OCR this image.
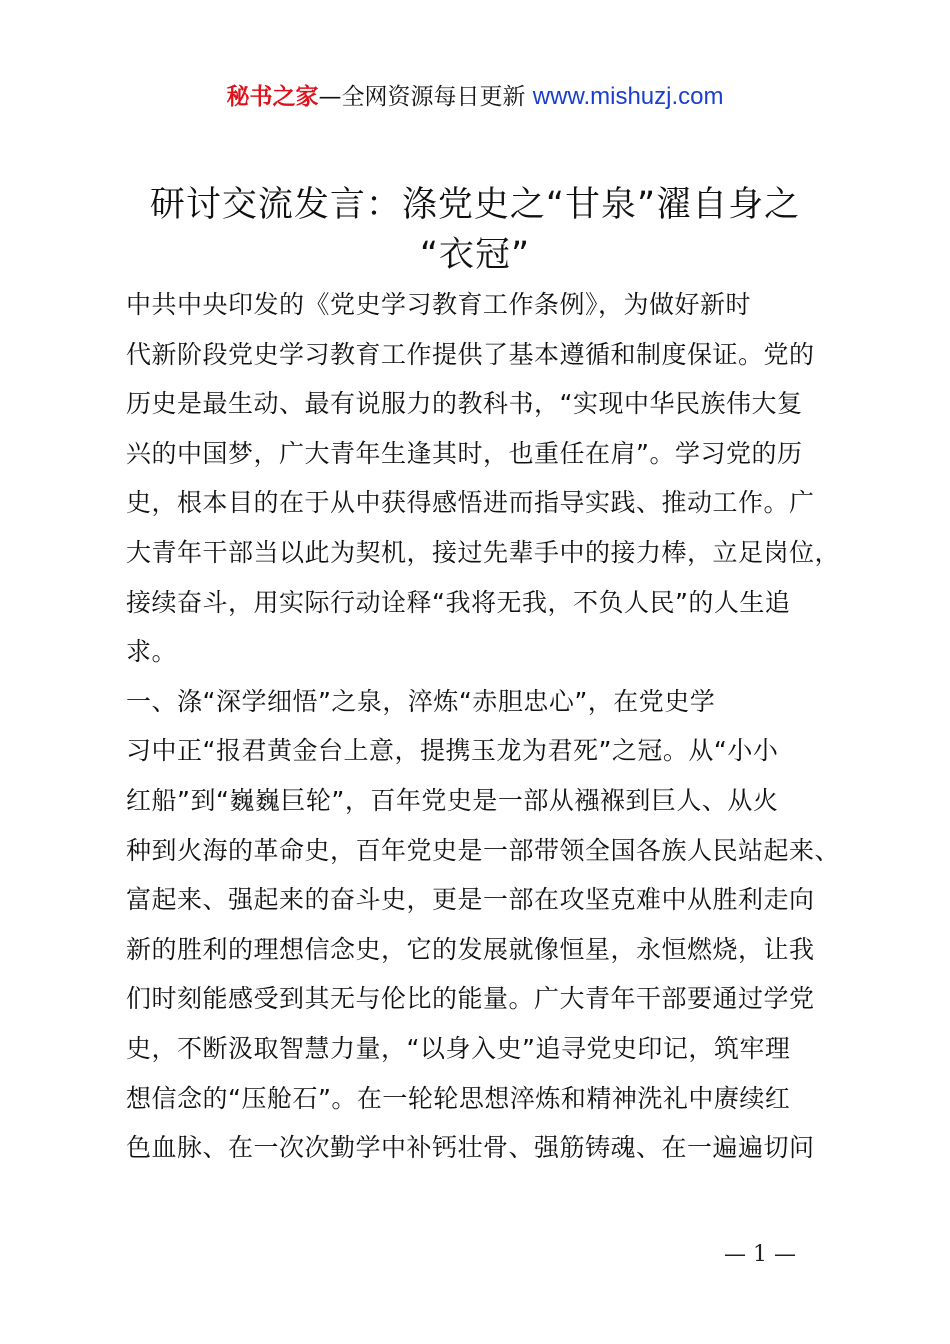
秘书之家—全网资源每日更新 www.mishuzj.com
研讨交流发言：涤党史之“甘泉”濯自身之
“衣冠”
中共中央印发的《党史学习教育工作条例》，为做好新时
代新阶段党史学习教育工作提供了基本遵循和制度保证。党的
历史是最生动、最有说服力的教科书，“实现中华民族伟大复
兴的中国梦，广大青年生逢其时，也重任在肩”。学习党的历
史，根本目的在于从中获得感悟进而指导实践、推动工作。广
大青年干部当以此为契机，接过先辈手中的接力棒，立足岗位，
接续奋斗，用实际行动诠释“我将无我，不负人民”的人生追
求。
一、涤“深学细悟”之泉，淬炼“赤胆忠心”，在党史学
习中正“报君黄金台上意，提携玉龙为君死”之冠。从“小小
红船”到“巍巍巨轮”，百年党史是一部从襁褓到巨人、从火
种到火海的革命史，百年党史是一部带领全国各族人民站起来、
富起来、强起来的奋斗史，更是一部在攻坚克难中从胜利走向
新的胜利的理想信念史，它的发展就像恒星，永恒燃烧，让我
们时刻能感受到其无与伦比的能量。广大青年干部要通过学党
史，不断汲取智慧力量，“以身入史”追寻党史印记，筑牢理
想信念的“压舱石”。在一轮轮思想淬炼和精神洗礼中赓续红
色血脉、在一次次勤学中补钙壮骨、强筋铸魂、在一遍遍切问
— 1 —
